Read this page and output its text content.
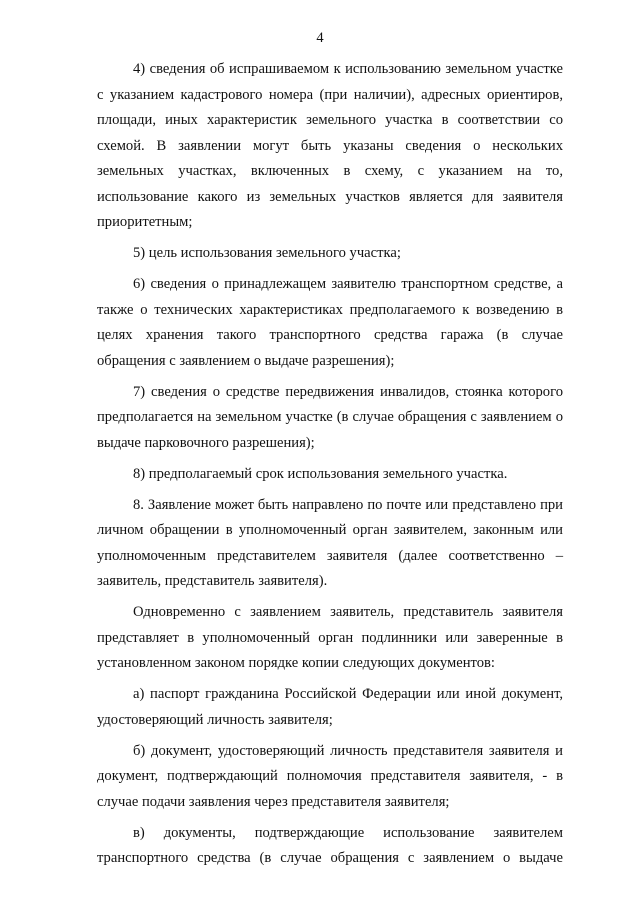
4

4) сведения об испрашиваемом к использованию земельном участке с указанием кадастрового номера (при наличии), адресных ориентиров, площади, иных характеристик земельного участка в соответствии со схемой. В заявлении могут быть указаны сведения о нескольких земельных участках, включенных в схему, с указанием на то, использование какого из земельных участков является для заявителя приоритетным;

5) цель использования земельного участка;

6) сведения о принадлежащем заявителю транспортном средстве, а также о технических характеристиках предполагаемого к возведению в целях хранения такого транспортного средства гаража (в случае обращения с заявлением о выдаче разрешения);

7) сведения о средстве передвижения инвалидов, стоянка которого предполагается на земельном участке (в случае обращения с заявлением о выдаче парковочного разрешения);

8) предполагаемый срок использования земельного участка.

8. Заявление может быть направлено по почте или представлено при личном обращении в уполномоченный орган заявителем, законным или уполномоченным представителем заявителя (далее соответственно – заявитель, представитель заявителя).

Одновременно с заявлением заявитель, представитель заявителя представляет в уполномоченный орган подлинники или заверенные в установленном законом порядке копии следующих документов:

а) паспорт гражданина Российской Федерации или иной документ, удостоверяющий личность заявителя;

б) документ, удостоверяющий личность представителя заявителя и документ, подтверждающий полномочия представителя заявителя, - в случае подачи заявления через представителя заявителя;

в) документы, подтверждающие использование заявителем транспортного средства (в случае обращения с заявлением о выдаче
